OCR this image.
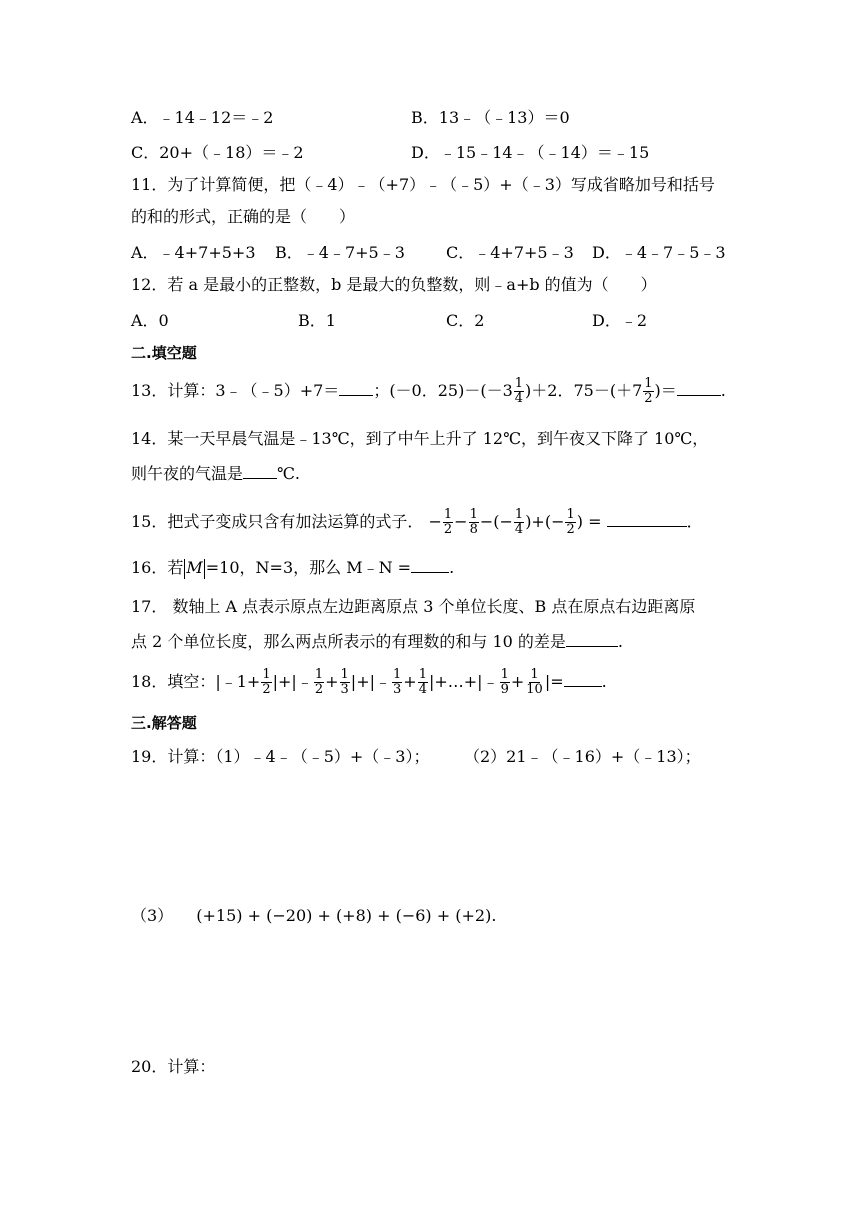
A．﹣14﹣12＝﹣2	B．13﹣（﹣13）＝0
C．20+（﹣18）＝﹣2	D．﹣15﹣14﹣（﹣14）＝﹣15
11．为了计算简便，把（﹣4）﹣（+7）﹣（﹣5）+（﹣3）写成省略加号和括号
的和的形式，正确的是（　　）
A．﹣4+7+5+3 B．﹣4﹣7+5﹣3	C．﹣4+7+5﹣3 D．﹣4﹣7﹣5﹣3
12．若 a 是最小的正整数，b 是最大的负整数，则﹣a+b 的值为（　　）
A．0	B．1	C．2	D．﹣2
二.填空题
13．计算：3﹣（﹣5）+7＝ ；(－0．$25)-(-3 \frac{1}{4} )+2$．$75-(+7 \frac{1}{2}$ )＝	.
14．某一天早晨气温是﹣13℃，到了中午上升了 12℃，到午夜又下降了 10℃，
则午夜的气温是 ℃.
15．把式子变成只含有加法运算的式子． − $\frac{1}{2} - \frac{1}{8}$ −(− $\frac{1}{4}$ )+(− $\frac{1}{2}$ ) =	．
16．若 M =10，N=3，那么 M﹣N = .
17． 数轴上 A 点表示原点左边距离原点 3 个单位长度、B 点在原点右边距离原
点 2 个单位长度，那么两点所表示的有理数的和与 10 的差是	.
18．填空：|﹣1+ $\frac{1}{2}$ |+|﹣ $\frac{1}{2} + \frac{1}{3}$ |+|﹣ $\frac{1}{3} + \frac{1}{4}$ |+…+|﹣ $\frac{1}{9} + \frac{1}{10}$ |= .
三.解答题
19．计算：（1）﹣4﹣（﹣5）+（﹣3）； （2）21﹣（﹣16）+（﹣13）；
（3） (+15) + (−20) + (+8) + (−6) + (+2).
20．计算：
